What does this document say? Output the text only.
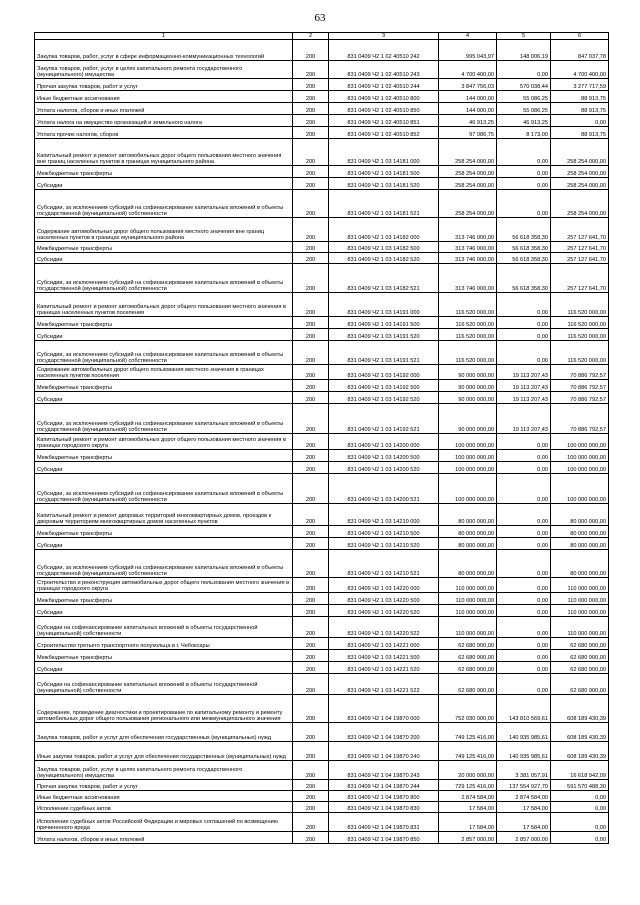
63
1	2	3	4	5	6
Закупка товаров, работ, услуг в сфере информационно-коммуникационных технологий	200	831 0409 Ч2 1 02 40510 242	995 043,97	148 006,19	847 037,78
Закупка товаров, работ, услуг в целях капитального ремонта государственного (муниципального) имущества	200	831 0409 Ч2 1 02 40510 243	4 700 400,00	0,00	4 700 400,00
Прочая закупка товаров, работ и услуг	200	831 0409 Ч2 1 02 40510 244	3 847 756,03	570 038,44	3 277 717,59
Иные бюджетные ассигнования	200	831 0409 Ч2 1 02 40510 800	144 000,00	55 086,25	88 913,75
Уплата налогов, сборов и иных платежей	200	831 0409 Ч2 1 02 40510 850	144 000,00	55 086,25	88 913,75
Уплата налога на имущество организаций и земельного налога	200	831 0409 Ч2 1 02 40510 851	46 913,25	46 913,25	0,00
Уплата прочих налогов, сборов	200	831 0409 Ч2 1 02 40510 852	97 086,75	8 173,00	88 913,75
Капитальный ремонт и ремонт автомобильных дорог общего пользования местного значения вне границ населенных пунктов в границах муниципального района	200	831 0409 Ч2 1 03 14181 000	258 254 000,00	0,00	258 254 000,00
Межбюджетные трансферты	200	831 0409 Ч2 1 03 14181 500	258 254 000,00	0,00	258 254 000,00
Субсидии	200	831 0409 Ч2 1 03 14181 520	258 254 000,00	0,00	258 254 000,00
Субсидии, за исключением субсидий на софинансирование капитальных вложений в объекты государственной (муниципальной) собственности	200	831 0409 Ч2 1 03 14181 521	258 254 000,00	0,00	258 254 000,00
Содержание автомобильных дорог общего пользования местного значения вне границ населенных пунктов в границах муниципального района	200	831 0409 Ч2 1 03 14182 000	313 746 000,00	56 618 358,30	257 127 641,70
Межбюджетные трансферты	200	831 0409 Ч2 1 03 14182 500	313 746 000,00	56 618 358,30	257 127 641,70
Субсидии	200	831 0409 Ч2 1 03 14182 520	313 746 000,00	56 618 358,30	257 127 641,70
Субсидии, за исключением субсидий на софинансирование капитальных вложений в объекты государственной (муниципальной) собственности	200	831 0409 Ч2 1 03 14182 521	313 746 000,00	56 618 358,30	257 127 641,70
Капитальный ремонт и ремонт автомобильных дорог общего пользования местного значения в границах населенных пунктов поселения	200	831 0409 Ч2 1 03 14191 000	116 520 000,00	0,00	116 520 000,00
Межбюджетные трансферты	200	831 0409 Ч2 1 03 14191 500	116 520 000,00	0,00	116 520 000,00
Субсидии	200	831 0409 Ч2 1 03 14191 520	116 520 000,00	0,00	116 520 000,00
Субсидии, за исключением субсидий на софинансирование капитальных вложений в объекты государственной (муниципальной) собственности	200	831 0409 Ч2 1 03 14191 521	116 520 000,00	0,00	116 520 000,00
Содержание автомобильных дорог общего пользования местного значения в границах населенных пунктов поселения	200	831 0409 Ч2 1 03 14192 000	90 000 000,00	19 113 207,43	70 886 792,57
Межбюджетные трансферты	200	831 0409 Ч2 1 03 14192 500	90 000 000,00	19 113 207,43	70 886 792,57
Субсидии	200	831 0409 Ч2 1 03 14192 520	90 000 000,00	19 113 207,43	70 886 792,57
Субсидии, за исключением субсидий на софинансирование капитальных вложений в объекты государственной (муниципальной) собственности	200	831 0409 Ч2 1 03 14192 521	90 000 000,00	19 113 207,43	70 886 792,57
Капитальный ремонт и ремонт автомобильных дорог общего пользования местного значения в границах городского округа	200	831 0409 Ч2 1 03 14200 000	100 000 000,00	0,00	100 000 000,00
Межбюджетные трансферты	200	831 0409 Ч2 1 03 14200 500	100 000 000,00	0,00	100 000 000,00
Субсидии	200	831 0409 Ч2 1 03 14200 520	100 000 000,00	0,00	100 000 000,00
Субсидии, за исключением субсидий на софинансирование капитальных вложений в объекты государственной (муниципальной) собственности	200	831 0409 Ч2 1 03 14200 521	100 000 000,00	0,00	100 000 000,00
Капитальный ремонт и ремонт дворовых территорий многоквартирных домов, проездов к дворовым территориям многоквартирных домов населенных пунктов	200	831 0409 Ч2 1 03 14210 000	80 000 000,00	0,00	80 000 000,00
Межбюджетные трансферты	200	831 0409 Ч2 1 03 14210 500	80 000 000,00	0,00	80 000 000,00
Субсидии	200	831 0409 Ч2 1 03 14210 520	80 000 000,00	0,00	80 000 000,00
Субсидии, за исключением субсидий на софинансирование капитальных вложений в объекты государственной (муниципальной) собственности	200	831 0409 Ч2 1 03 14210 521	80 000 000,00	0,00	80 000 000,00
Строительство и реконструкция автомобильных дорог общего пользования местного значения в границах городского округа	200	831 0409 Ч2 1 03 14220 000	110 000 000,00	0,00	110 000 000,00
Межбюджетные трансферты	200	831 0409 Ч2 1 03 14220 500	110 000 000,00	0,00	110 000 000,00
Субсидии	200	831 0409 Ч2 1 03 14220 520	110 000 000,00	0,00	110 000 000,00
Субсидии на софинансирование капитальных вложений в объекты государственной (муниципальной) собственности	200	831 0409 Ч2 1 03 14220 522	110 000 000,00	0,00	110 000 000,00
Строительство третьего транспортного полукольца в г. Чебоксары	200	831 0409 Ч2 1 03 14221 000	62 680 900,00	0,00	62 680 900,00
Межбюджетные трансферты	200	831 0409 Ч2 1 03 14221 500	62 680 900,00	0,00	62 680 900,00
Субсидии	200	831 0409 Ч2 1 03 14221 520	62 680 900,00	0,00	62 680 900,00
Субсидии на софинансирование капитальных вложений в объекты государственной (муниципальной) собственности	200	831 0409 Ч2 1 03 14221 522	62 680 900,00	0,00	62 680 900,00
Содержание, проведение диагностики и проектирование по капитальному ремонту и ремонту автомобильных дорог общего пользования регионального или межмуниципального значения	200	831 0409 Ч2 1 04 19870 000	752 030 000,00	143 810 569,61	608 189 430,39
Закупка товаров, работ и услуг для обеспечения государственных (муниципальных) нужд	200	831 0409 Ч2 1 04 19870 200	749 125 416,00	140 935 985,61	608 189 430,39
Иные закупки товаров, работ и услуг для обеспечения государственных (муниципальных) нужд	200	831 0409 Ч2 1 04 19870 240	749 125 416,00	140 935 985,61	608 189 430,39
Закупка товаров, работ, услуг в целях капитального ремонта государственного (муниципального) имущества	200	831 0409 Ч2 1 04 19870 243	20 000 000,00	3 381 057,91	16 618 942,09
Прочая закупка товаров, работ и услуг	200	831 0409 Ч2 1 04 19870 244	729 125 416,00	137 554 927,70	591 570 488,30
Иные бюджетные ассигнования	200	831 0409 Ч2 1 04 19870 800	2 874 584,00	2 874 584,00	0,00
Исполнение судебных актов	200	831 0409 Ч2 1 04 19870 830	17 584,00	17 584,00	0,00
Исполнение судебных актов Российской Федерации и мировых соглашений по возмещению причиненного вреда	200	831 0409 Ч2 1 04 19870 831	17 584,00	17 584,00	0,00
Уплата налогов, сборов и иных платежей	200	831 0409 Ч2 1 04 19870 850	2 857 000,00	2 857 000,00	0,00
